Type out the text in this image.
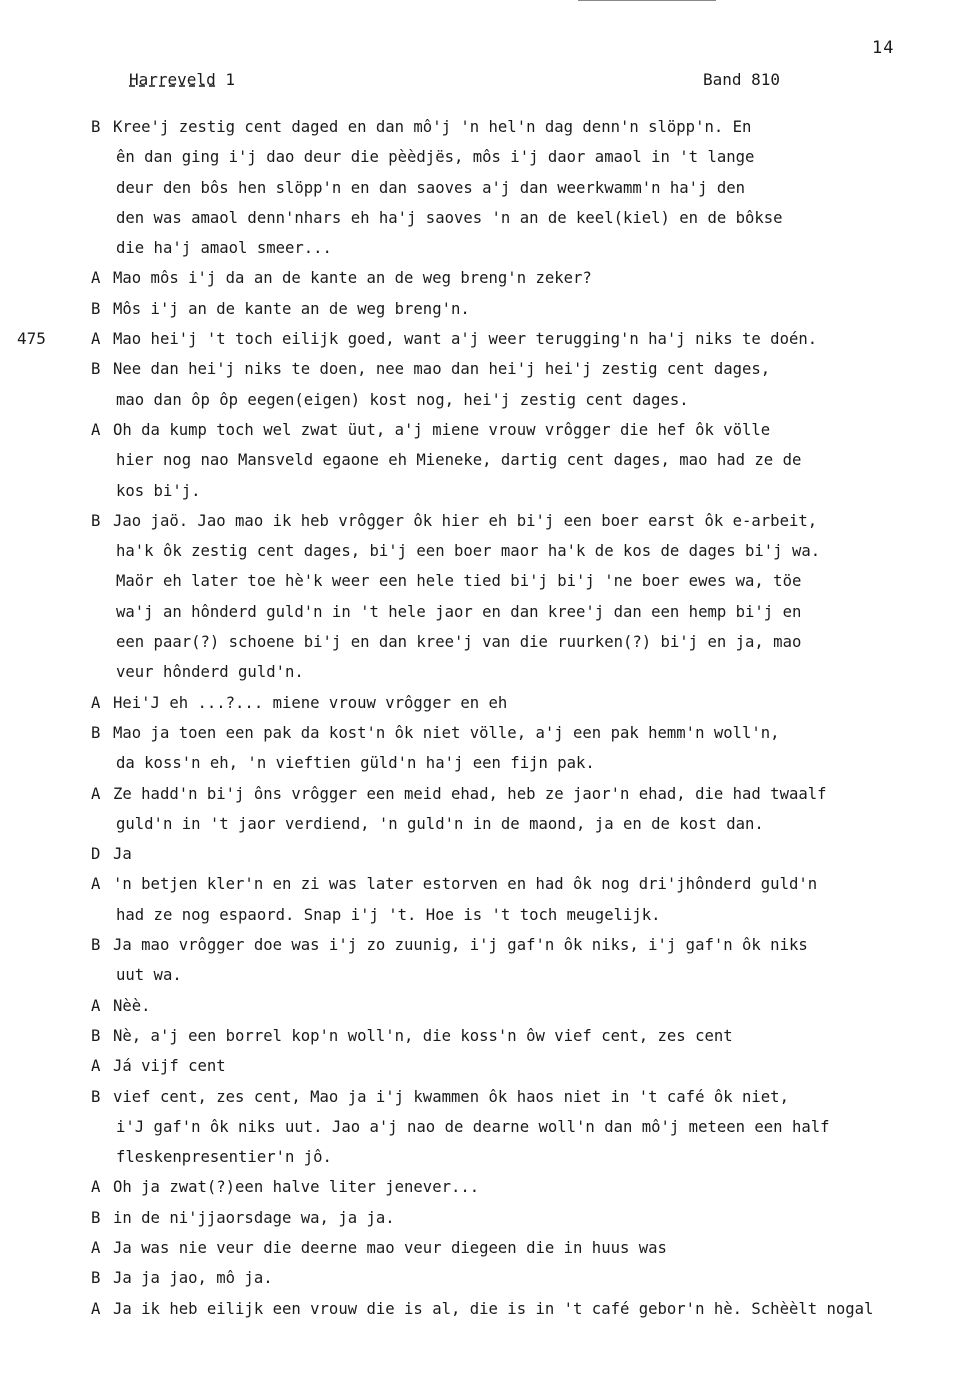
14
Harreveld 1	Band 810
475
B Kree'j zestig cent daged en dan mô'j 'n hel'n dag denn'n slöpp'n. En
ên dan ging i'j dao deur die pèèdjës, môs i'j daor amaol in 't lange
deur den bôs hen slöpp'n en dan saoves a'j dan weerkwamm'n ha'j den
den was amaol denn'nhars eh ha'j saoves 'n an de keel(kiel) en de bôkse
die ha'j amaol smeer...
A Mao môs i'j da an de kante an de weg breng'n zeker?
B Môs i'j an de kante an de weg breng'n.
A Mao hei'j 't toch eilijk goed, want a'j weer terugging'n ha'j niks te doén.
B Nee dan hei'j niks te doen, nee mao dan hei'j hei'j zestig cent dages,
mao dan ôp ôp eegen(eigen) kost nog, hei'j zestig cent dages.
A Oh da kump toch wel zwat üut, a'j miene vrouw vrôgger die hef ôk völle
hier nog nao Mansveld egaone eh Mieneke, dartig cent dages, mao had ze de
kos bi'j.
B Jao jaö. Jao mao ik heb vrôgger ôk hier eh bi'j een boer earst ôk e-arbeit,
ha'k ôk zestig cent dages, bi'j een boer maor ha'k de kos de dages bi'j wa.
Maör eh later toe hè'k weer een hele tied bi'j bi'j 'ne boer ewes wa, töe
wa'j an hônderd guld'n in 't hele jaor en dan kree'j dan een hemp bi'j en
een paar(?) schoene bi'j en dan kree'j van die ruurken(?) bi'j en ja, mao
veur hônderd guld'n.
A Hei'J eh ...?... miene vrouw vrôgger en eh
B Mao ja toen een pak da kost'n ôk niet völle, a'j een pak hemm'n woll'n,
da koss'n eh, 'n vieftien güld'n ha'j een fijn pak.
A Ze hadd'n bi'j ôns vrôgger een meid ehad, heb ze jaor'n ehad, die had twaalf
guld'n in 't jaor verdiend, 'n guld'n in de maond, ja en de kost dan.
D Ja
A 'n betjen kler'n en zi was later estorven en had ôk nog dri'jhônderd guld'n
had ze nog espaord. Snap i'j 't. Hoe is 't toch meugelijk.
B Ja mao vrôgger doe was i'j zo zuunig, i'j gaf'n ôk niks, i'j gaf'n ôk niks
uut wa.
A Nèè.
B Nè, a'j een borrel kop'n woll'n, die koss'n ôw vief cent, zes cent
A Já vijf cent
B vief cent, zes cent, Mao ja i'j kwammen ôk haos niet in 't café ôk niet,
i'J gaf'n ôk niks uut. Jao a'j nao de dearne woll'n dan mô'j meteen een half
fleskenpresentier'n jô.
A Oh ja zwat(?)een halve liter jenever...
B in de ni'jjaorsdage wa, ja ja.
A Ja was nie veur die deerne mao veur diegeen die in huus was
B Ja ja jao, mô ja.
A Ja ik heb eilijk een vrouw die is al, die is in 't café gebor'n hè. Schèèlt nogal
